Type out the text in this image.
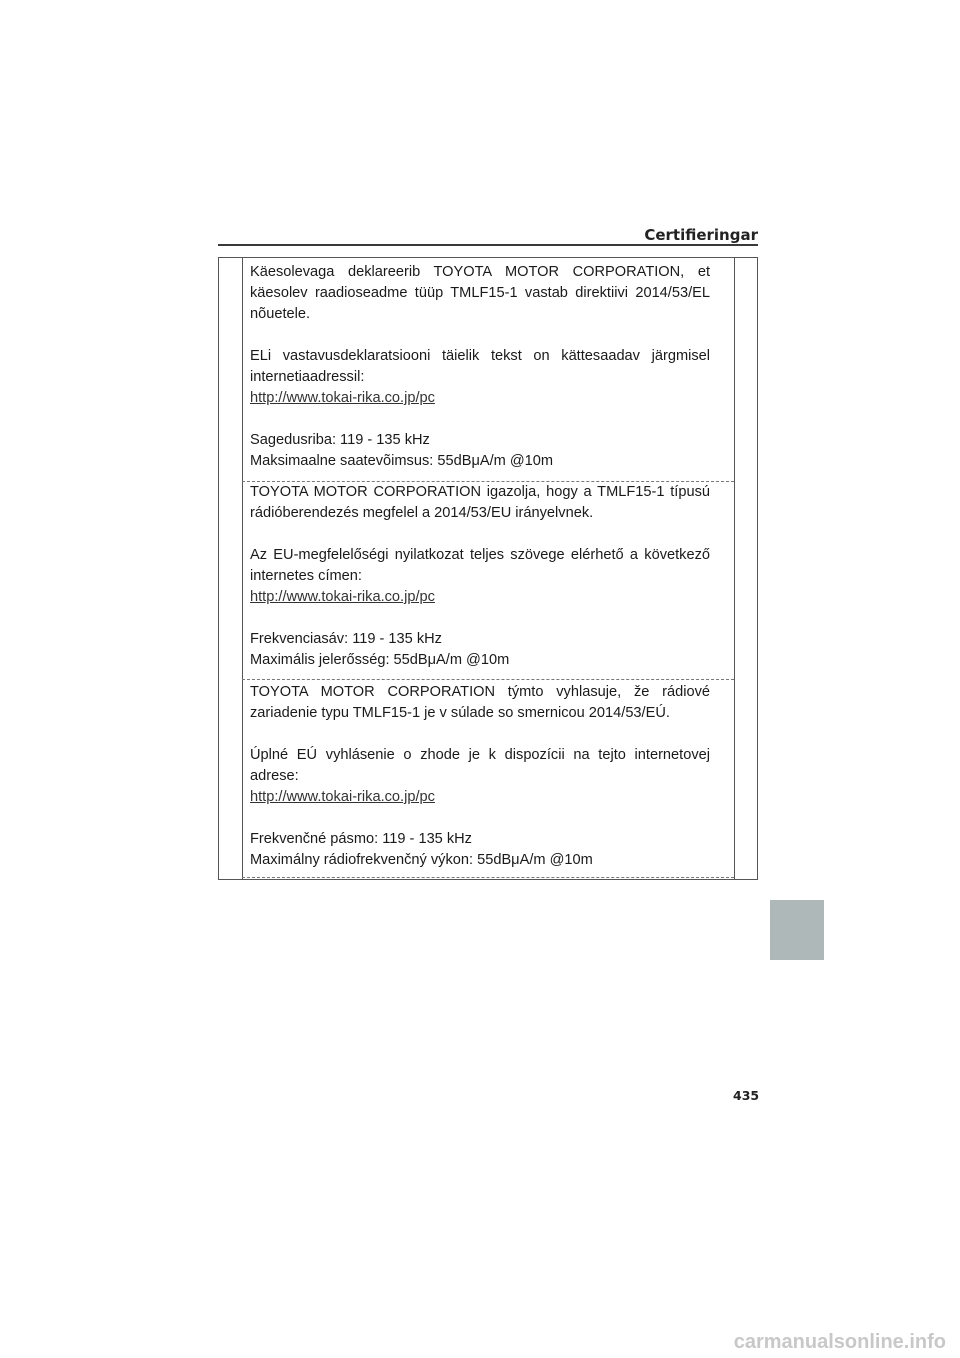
Certifieringar

Käesolevaga deklareerib TOYOTA MOTOR CORPORATION, et käesolev raadioseadme tüüp TMLF15-1 vastab direktiivi 2014/53/EL nõuetele.

ELi vastavusdeklaratsiooni täielik tekst on kättesaadav järgmisel internetiaadressil:

http://www.tokai-rika.co.jp/pc

Sagedusriba: 119 - 135 kHz

Maksimaalne saatevõimsus: 55dBμA/m @10m

TOYOTA MOTOR CORPORATION igazolja, hogy a TMLF15-1 típusú rádióberendezés megfelel a 2014/53/EU irányelvnek.

Az EU-megfelelőségi nyilatkozat teljes szövege elérhető a következő internetes címen:

http://www.tokai-rika.co.jp/pc

Frekvenciasáv: 119 - 135 kHz

Maximális jelerősség: 55dBμA/m @10m

TOYOTA MOTOR CORPORATION týmto vyhlasuje, že rádiové zariadenie typu TMLF15-1 je v súlade so smernicou 2014/53/EÚ.

Úplné EÚ vyhlásenie o zhode je k dispozícii na tejto internetovej adrese:

http://www.tokai-rika.co.jp/pc

Frekvenčné pásmo: 119 - 135 kHz

Maximálny rádiofrekvenčný výkon: 55dBμA/m @10m

435
carmanualsonline.info
